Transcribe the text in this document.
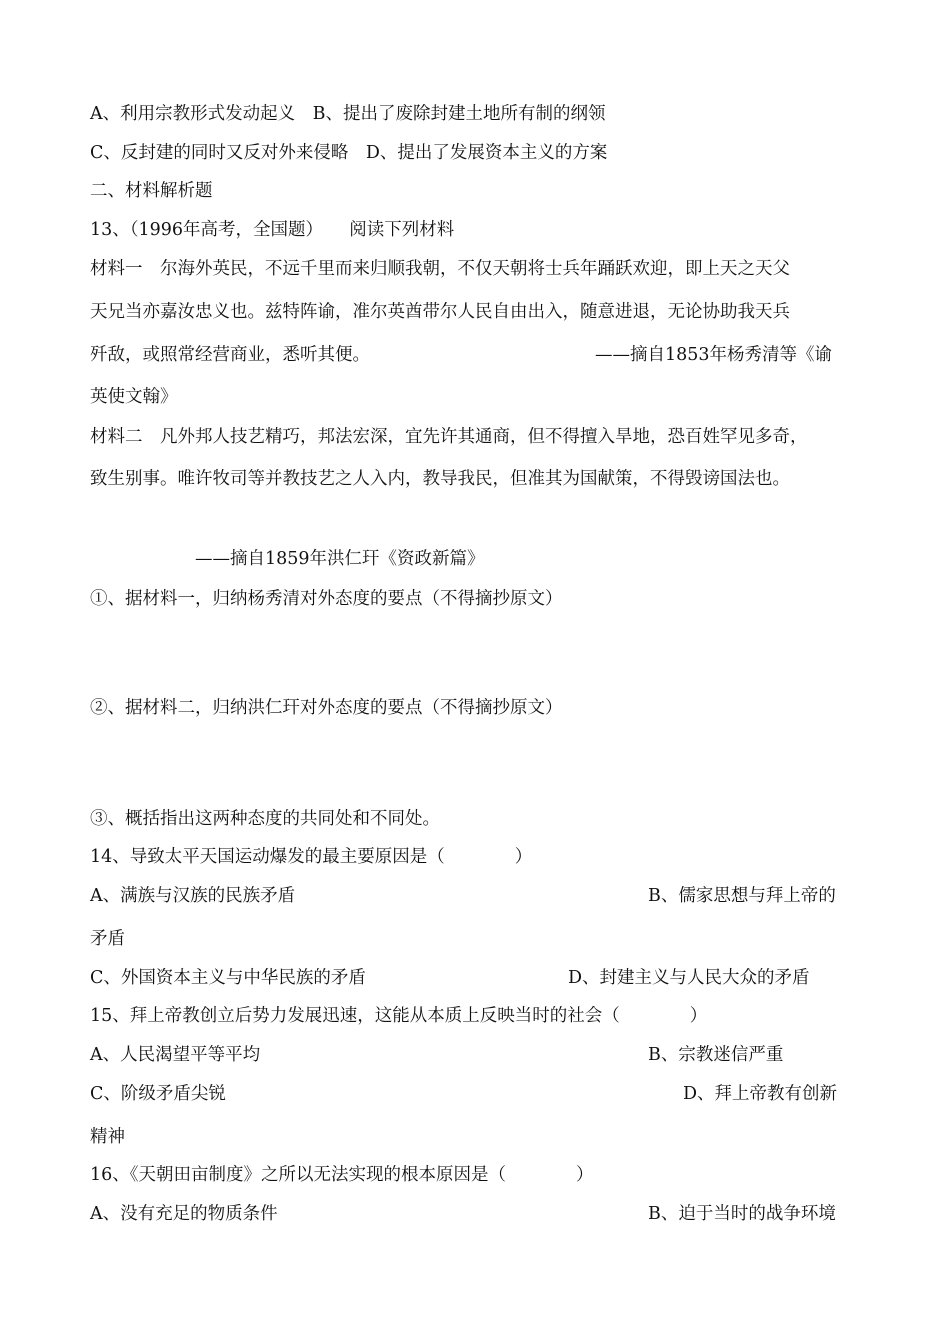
A、利用宗教形式发动起义　B、提出了废除封建土地所有制的纲领
C、反封建的同时又反对外来侵略　D、提出了发展资本主义的方案
二、材料解析题
13、（1996年高考，全国题）　　阅读下列材料
材料一　尔海外英民，不远千里而来归顺我朝，不仅天朝将士兵年踊跃欢迎，即上天之天父
天兄当亦嘉汝忠义也。兹特阵谕，准尔英酋带尔人民自由出入，随意进退，无论协助我天兵
歼敌，或照常经营商业，悉听其便。	——摘自1853年杨秀清等《谕
英使文翰》
材料二　凡外邦人技艺精巧，邦法宏深，宜先许其通商，但不得擅入旱地，恐百姓罕见多奇，
致生别事。唯许牧司等并教技艺之人入内，教导我民，但准其为国献策，不得毁谤国法也。
——摘自1859年洪仁玕《资政新篇》
①、据材料一，归纳杨秀清对外态度的要点（不得摘抄原文）
②、据材料二，归纳洪仁玕对外态度的要点（不得摘抄原文）
③、概括指出这两种态度的共同处和不同处。
14、导致太平天国运动爆发的最主要原因是（　　　　）
A、满族与汉族的民族矛盾	B、儒家思想与拜上帝的
矛盾
C、外国资本主义与中华民族的矛盾	D、封建主义与人民大众的矛盾
15、拜上帝教创立后势力发展迅速，这能从本质上反映当时的社会（　　　　）
A、人民渴望平等平均	B、宗教迷信严重
C、阶级矛盾尖锐	D、拜上帝教有创新
精神
16、《天朝田亩制度》之所以无法实现的根本原因是（　　　　）
A、没有充足的物质条件	B、迫于当时的战争环境
